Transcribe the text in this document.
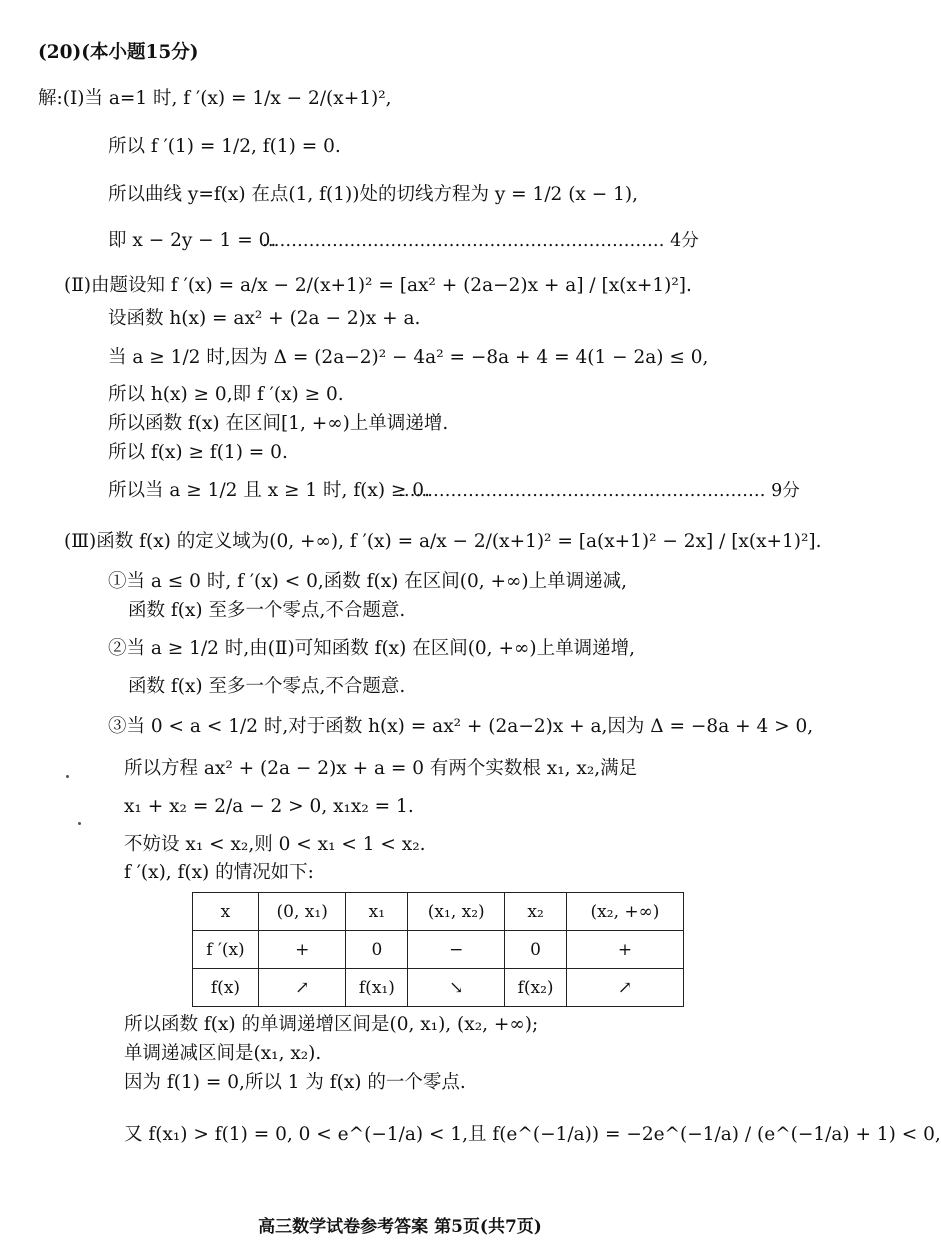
(20)(本小题15分)
解:(Ⅰ)当 a=1 时, f ′(x) = 1/x − 2/(x+1)²,
所以 f ′(1) = 1/2, f(1) = 0.
所以曲线 y=f(x) 在点(1, f(1))处的切线方程为 y = 1/2 (x − 1),
即 x − 2y − 1 = 0.
…………………………………………………………… 4分
(Ⅱ)由题设知 f ′(x) = a/x − 2/(x+1)² = [ax² + (2a−2)x + a] / [x(x+1)²].
设函数 h(x) = ax² + (2a − 2)x + a.
当 a ≥ 1/2 时,因为 Δ = (2a−2)² − 4a² = −8a + 4 = 4(1 − 2a) ≤ 0,
所以 h(x) ≥ 0,即 f ′(x) ≥ 0.
所以函数 f(x) 在区间[1, +∞)上单调递增.
所以 f(x) ≥ f(1) = 0.
所以当 a ≥ 1/2 且 x ≥ 1 时, f(x) ≥ 0.
……………………………………………………… 9分
(Ⅲ)函数 f(x) 的定义域为(0, +∞), f ′(x) = a/x − 2/(x+1)² = [a(x+1)² − 2x] / [x(x+1)²].
①当 a ≤ 0 时, f ′(x) < 0,函数 f(x) 在区间(0, +∞)上单调递减,
函数 f(x) 至多一个零点,不合题意.
②当 a ≥ 1/2 时,由(Ⅱ)可知函数 f(x) 在区间(0, +∞)上单调递增,
函数 f(x) 至多一个零点,不合题意.
③当 0 < a < 1/2 时,对于函数 h(x) = ax² + (2a−2)x + a,因为 Δ = −8a + 4 > 0,
所以方程 ax² + (2a − 2)x + a = 0 有两个实数根 x₁, x₂,满足
x₁ + x₂ = 2/a − 2 > 0, x₁x₂ = 1.
不妨设 x₁ < x₂,则 0 < x₁ < 1 < x₂.
f ′(x), f(x) 的情况如下:
x	(0, x₁)	x₁	(x₁, x₂)	x₂	(x₂, +∞)
f ′(x)	+	0	−	0	+
f(x)	↗	f(x₁)	↘	f(x₂)	↗
所以函数 f(x) 的单调递增区间是(0, x₁), (x₂, +∞);
单调递减区间是(x₁, x₂).
因为 f(1) = 0,所以 1 为 f(x) 的一个零点.
又 f(x₁) > f(1) = 0, 0 < e^(−1/a) < 1,且 f(e^(−1/a)) = −2e^(−1/a) / (e^(−1/a) + 1) < 0,
高三数学试卷参考答案 第5页(共7页)
